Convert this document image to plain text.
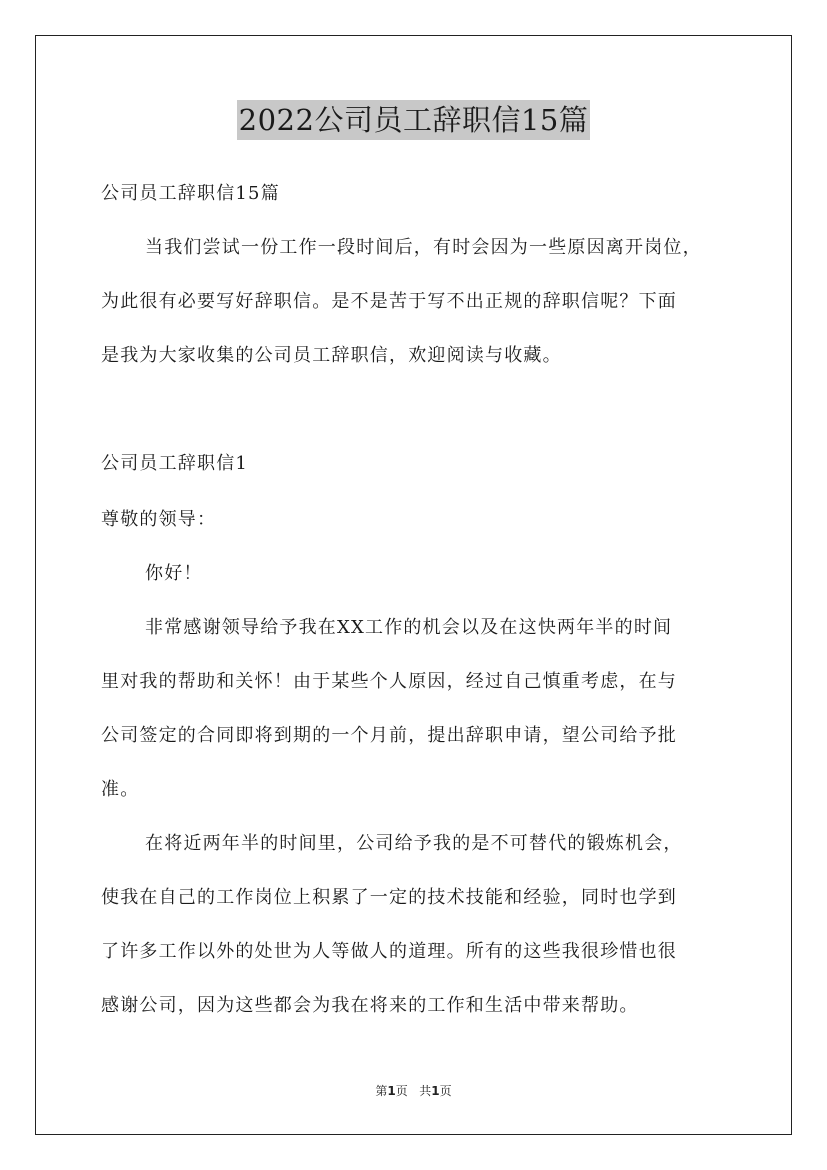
2022公司员工辞职信15篇
公司员工辞职信15篇
当我们尝试一份工作一段时间后，有时会因为一些原因离开岗位，
为此很有必要写好辞职信。是不是苦于写不出正规的辞职信呢？下面
是我为大家收集的公司员工辞职信，欢迎阅读与收藏。
公司员工辞职信1
尊敬的领导：
你好！
非常感谢领导给予我在XX工作的机会以及在这快两年半的时间
里对我的帮助和关怀！由于某些个人原因，经过自己慎重考虑，在与
公司签定的合同即将到期的一个月前，提出辞职申请，望公司给予批
准。
在将近两年半的时间里，公司给予我的是不可替代的锻炼机会，
使我在自己的工作岗位上积累了一定的技术技能和经验，同时也学到
了许多工作以外的处世为人等做人的道理。所有的这些我很珍惜也很
感谢公司，因为这些都会为我在将来的工作和生活中带来帮助。
第1页 共1页
